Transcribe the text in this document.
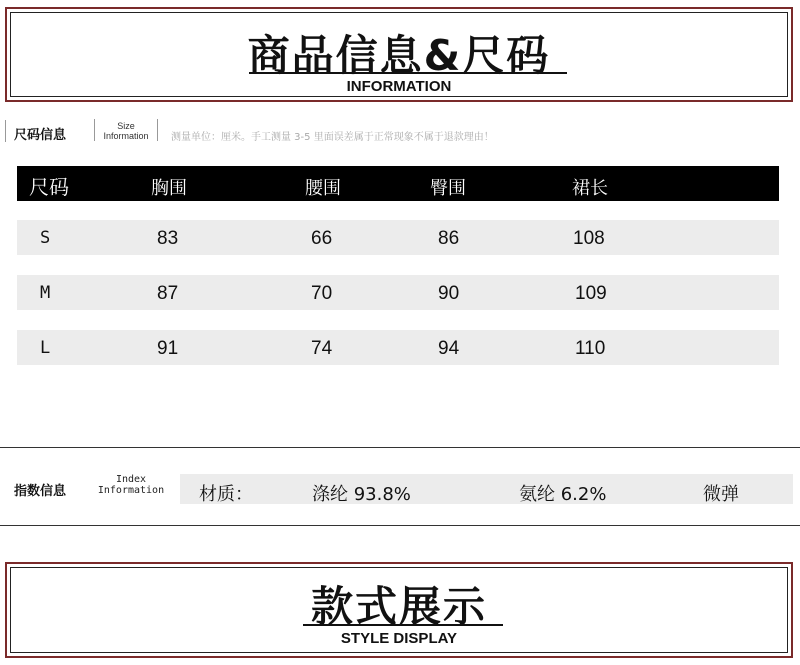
商品信息&尺码
INFORMATION
尺码信息
Size
Information	测量单位：厘米。手工测量 3-5 里面误差属于正常现象不属于退款理由！
尺码	胸围	腰围	臀围	裙长
S	83	66	86	108
M	87	70	90	109
L	91	74	94	110
指数信息
Index
Information	材质：	涤纶 93.8%	氨纶 6.2%	微弹
款式展示
STYLE DISPLAY
